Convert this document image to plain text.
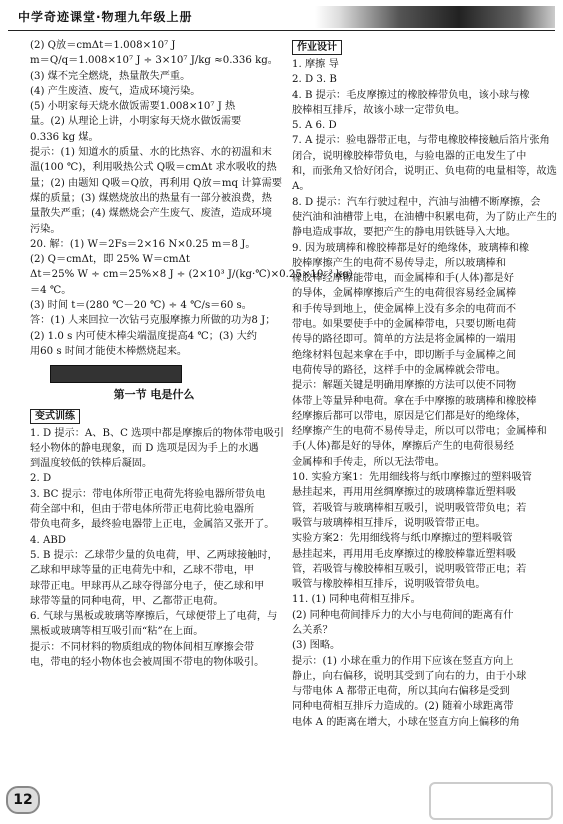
中学奇迹课堂·物理九年级上册
(2) Q放＝cmΔt＝1.008×10⁷ J
m＝Q/q＝1.008×10⁷ J ÷ 3×10⁷ J/kg ≈0.336 kg。
(3) 煤不完全燃烧，热量散失严重。
(4) 产生废渣、废气，造成环境污染。
(5) 小明家每天烧水做饭需要1.008×10⁷ J 热
量。(2) 从理论上讲，小明家每天烧水做饭需要
0.336 kg 煤。
提示：(1) 知道水的质量、水的比热容、水的初温和末
温(100 ℃)，利用吸热公式 Q吸＝cmΔt 求水吸收的热
量；(2) 由题知 Q吸＝Q放，再利用 Q放＝mq 计算需要
煤的质量；(3) 煤燃烧放出的热量有一部分被浪费，热
量散失严重；(4) 煤燃烧会产生废气、废渣，造成环境
污染。
20. 解：(1) W＝2Fs＝2×16 N×0.25 m＝8 J。
(2) Q＝cmΔt，即 25% W＝cmΔt
Δt＝25% W ÷ cm＝25%×8 J ÷ (2×10³ J/(kg·℃)×0.25×10⁻³ kg)
＝4 ℃。
(3) 时间 t＝(280 ℃－20 ℃) ÷ 4 ℃/s＝60 s。
答：(1) 人来回拉一次钻弓克服摩擦力所做的功为8 J；
(2) 1.0 s 内可使木棒尖端温度提高4 ℃；(3) 大约
用60 s 时间才能使木棒燃烧起来。
第一节 电是什么
变式训练
1. D 提示：A、B、C 选项中都是摩擦后的物体带电吸引
轻小物体的静电现象，而 D 选项是因为手上的水遇
到温度较低的铁棒后凝固。
2. D
3. BC 提示：带电体所带正电荷先将验电器所带负电
荷全部中和，但由于带电体所带正电荷比验电器所
带负电荷多，最终验电器带上正电，金属箔又张开了。
4. ABD
5. B 提示：乙球带少量的负电荷，甲、乙两球接触时，
乙球和甲球等量的正电荷先中和，乙球不带电，甲
球带正电。甲球再从乙球夺得部分电子，使乙球和甲
球带等量的同种电荷，甲、乙都带正电荷。
6. 气球与黑板或玻璃等摩擦后，气球便带上了电荷，与
黑板或玻璃等相互吸引而“粘”在上面。
提示：不同材料的物质组成的物体间相互摩擦会带
电，带电的轻小物体也会被周围不带电的物体吸引。
作业设计
1. 摩擦 导
2. D 3. B
4. B 提示：毛皮摩擦过的橡胶棒带负电，该小球与橡
胶棒相互排斥，故该小球一定带负电。
5. A 6. D
7. A 提示：验电器带正电，与带电橡胶棒接触后箔片张角
闭合，说明橡胶棒带负电，与验电器的正电发生了中
和，而张角又恰好闭合，说明正、负电荷的电量相等，故选
A。
8. D 提示：汽车行驶过程中，汽油与油槽不断摩擦，会
使汽油和油槽带上电，在油槽中积累电荷，为了防止产生的
静电造成事故，要把产生的静电用铁链导入大地。
9. 因为玻璃棒和橡胶棒都是好的绝缘体，玻璃棒和橡
胶棒摩擦产生的电荷不易传导走，所以玻璃棒和
橡胶棒经摩擦能带电，而金属棒和手(人体)都是好
的导体，金属棒摩擦后产生的电荷很容易经金属棒
和手传导到地上，使金属棒上没有多余的电荷而不
带电。如果要使手中的金属棒带电，只要切断电荷
传导的路径即可。简单的方法是将金属棒的一端用
绝缘材料包起来拿在手中，即切断手与金属棒之间
电荷传导的路径，这样手中的金属棒就会带电。
提示：解题关键是明确用摩擦的方法可以使不同物
体带上等量异种电荷。拿在手中摩擦的玻璃棒和橡胶棒
经摩擦后都可以带电，原因是它们都是好的绝缘体，
经摩擦产生的电荷不易传导走，所以可以带电；金属棒和
手(人体)都是好的导体，摩擦后产生的电荷很易经
金属棒和手传走，所以无法带电。
10. 实验方案1：先用细线将与纸巾摩擦过的塑料吸管
悬挂起来，再用用丝绸摩擦过的玻璃棒靠近塑料吸
管，若吸管与玻璃棒相互吸引，说明吸管带负电；若
吸管与玻璃棒相互排斥，说明吸管带正电。
实验方案2：先用细线将与纸巾摩擦过的塑料吸管
悬挂起来，再用用毛皮摩擦过的橡胶棒靠近塑料吸
管，若吸管与橡胶棒相互吸引，说明吸管带正电；若
吸管与橡胶棒相互排斥，说明吸管带负电。
11. (1) 同种电荷相互排斥。
(2) 同种电荷间排斥力的大小与电荷间的距离有什
么关系？
(3) 图略。
提示：(1) 小球在重力的作用下应该在竖直方向上
静止，向右偏移，说明其受到了向右的力，由于小球
与带电体 A 都带正电荷，所以其向右偏移是受到
同种电荷相互排斥力造成的。(2) 随着小球距离带
电体 A 的距离在增大，小球在竖直方向上偏移的角
12
